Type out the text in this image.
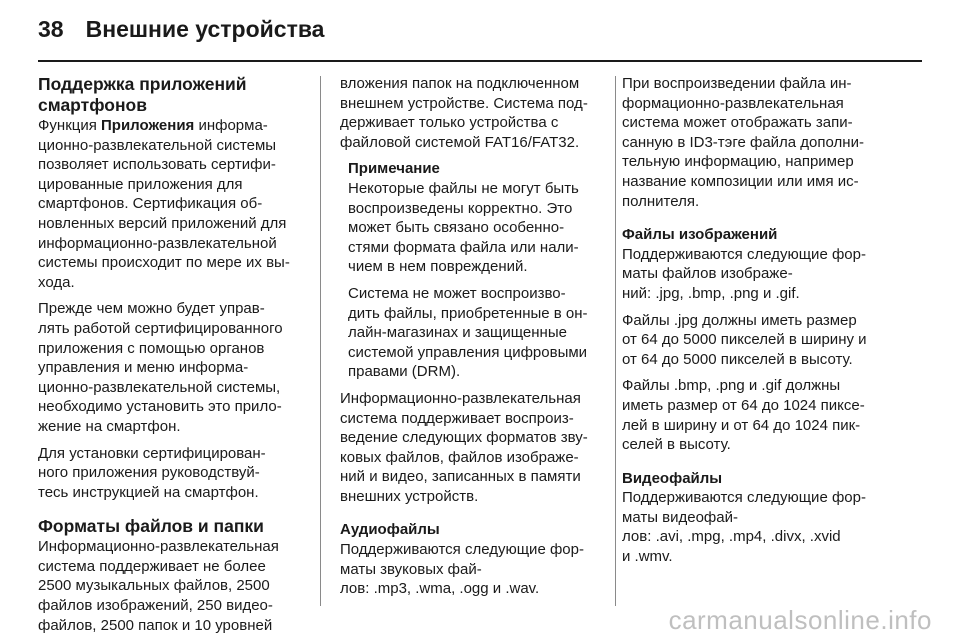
38 Внешние устройства
Поддержка приложений
смартфонов
Функция Приложения информа-
ционно-развлекательной системы
позволяет использовать сертифи-
цированные приложения для
смартфонов. Сертификация об-
новленных версий приложений для
информационно-развлекательной
системы происходит по мере их вы-
хода.
Прежде чем можно будет управ-
лять работой сертифицированного
приложения с помощью органов
управления и меню информа-
ционно-развлекательной системы,
необходимо установить это прило-
жение на смартфон.
Для установки сертифицирован-
ного приложения руководствуй-
тесь инструкцией на смартфон.
Форматы файлов и папки
Информационно-развлекательная
система поддерживает не более
2500 музыкальных файлов, 2500
файлов изображений, 250 видео-
файлов, 2500 папок и 10 уровней
вложения папок на подключенном
внешнем устройстве. Система под-
держивает только устройства с
файловой системой FAT16/FAT32.
Примечание
Некоторые файлы не могут быть
воспроизведены корректно. Это
может быть связано особенно-
стями формата файла или нали-
чием в нем повреждений.
Система не может воспроизво-
дить файлы, приобретенные в он-
лайн-магазинах и защищенные
системой управления цифровыми
правами (DRM).
Информационно-развлекательная
система поддерживает воспроиз-
ведение следующих форматов зву-
ковых файлов, файлов изображе-
ний и видео, записанных в памяти
внешних устройств.
Аудиофайлы
Поддерживаются следующие фор-
маты звуковых фай-
лов: .mp3, .wma, .ogg и .wav.
При воспроизведении файла ин-
формационно-развлекательная
система может отображать запи-
санную в ID3-тэге файла дополни-
тельную информацию, например
название композиции или имя ис-
полнителя.
Файлы изображений
Поддерживаются следующие фор-
маты файлов изображе-
ний: .jpg, .bmp, .png и .gif.
Файлы .jpg должны иметь размер
от 64 до 5000 пикселей в ширину и
от 64 до 5000 пикселей в высоту.
Файлы .bmp, .png и .gif должны
иметь размер от 64 до 1024 пиксе-
лей в ширину и от 64 до 1024 пик-
селей в высоту.
Видеофайлы
Поддерживаются следующие фор-
маты видеофай-
лов: .avi, .mpg, .mp4, .divx, .xvid
и .wmv.
carmanualsonline.info
